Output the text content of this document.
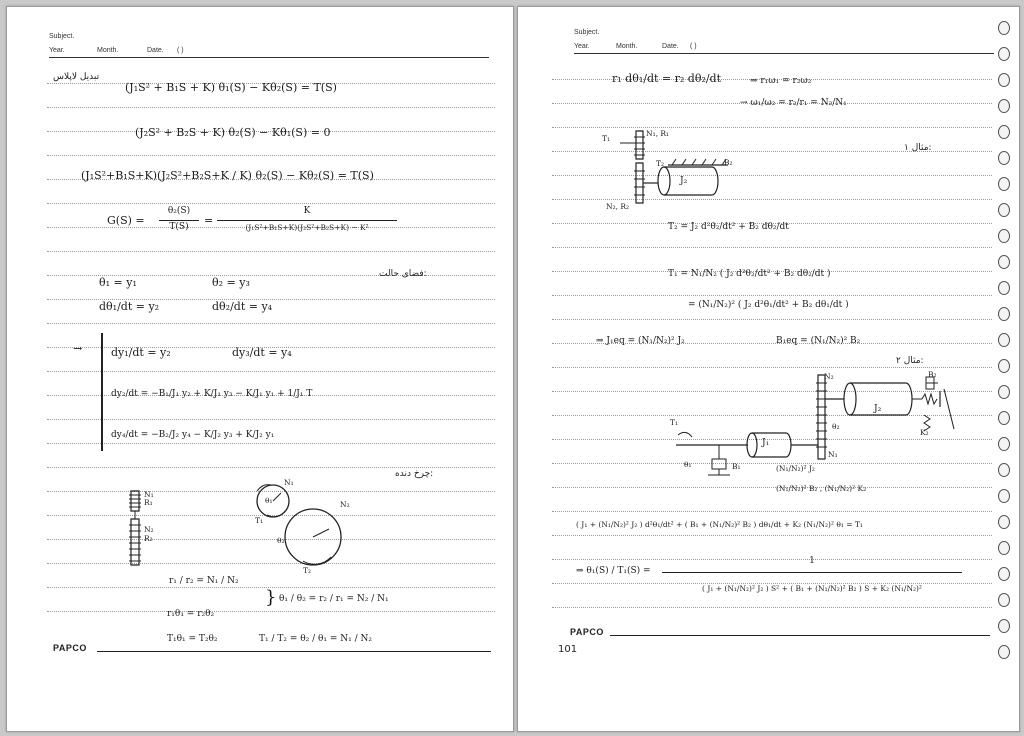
Subject.
Year.	Month.	Date. ( )
تبدیل لاپلاس
(J₁S² + B₁S + K) θ₁(S) − Kθ₂(S) = T(S)
(J₂S² + B₂S + K) θ₂(S) − Kθ₁(S) = 0
(J₁S²+B₁S+K)(J₂S²+B₂S+K / K) θ₂(S) − Kθ₂(S) = T(S)
G(S) =
θ₂(S)
T(S)	=
K
(J₁S²+B₁S+K)(J₂S²+B₂S+K) − K²
فضای حالت:
θ₁ = y₁	θ₂ = y₃
dθ₁/dt = y₂	dθ₂/dt = y₄
→	dy₁/dt = y₂	dy₃/dt = y₄
dy₂/dt = −B₁/J₁ y₂ + K/J₁ y₃ − K/J₁ y₁ + 1/J₁ T
dy₄/dt = −B₂/J₂ y₄ − K/J₂ y₃ + K/J₂ y₁
چرخ دنده:
N₁
R₁
N₂
R₂
N₁
N₂
T₁
T₂
θ₁
θ₂
r₁ / r₂ = N₁ / N₂
r₁θ₁ = r₂θ₂
} θ₁ / θ₂ = r₂ / r₁ = N₂ / N₁
T₁θ₁ = T₂θ₂	T₁ / T₂ = θ₂ / θ₁ = N₁ / N₂
PAPCO
Subject.
Year.	Month.	Date. ( )
r₁ dθ₁/dt = r₂ dθ₂/dt	⇒ r₁ω₁ = r₂ω₂
→ ω₁/ω₂ = r₂/r₁ = N₂/N₁
مثال ۱:
T₁
N₁, R₁
T₂	B₂
J₂
N₂, R₂
T₂ = J₂ d²θ₂/dt² + B₂ dθ₂/dt
T₁ = N₁/N₂ ( J₂ d²θ₂/dt² + B₂ dθ₂/dt )
= (N₁/N₂)² ( J₂ d²θ₁/dt² + B₂ dθ₁/dt )
⇒ J₁eq = (N₁/N₂)² J₂	B₁eq = (N₁/N₂)² B₂
مثال ۲:
N₂
J₂
B₂
K₂
θ₂
T₁
θ₁	B₁
J₁
N₁
(N₁/N₂)² J₂
(N₁/N₂)² B₂ , (N₁/N₂)² K₂
( J₁ + (N₁/N₂)² J₂ ) d²θ₁/dt² + ( B₁ + (N₁/N₂)² B₂ ) dθ₁/dt + K₂ (N₁/N₂)² θ₁ = T₁
⇒ θ₁(S) / T₁(S) =
1
( J₁ + (N₁/N₂)² J₂ ) S² + ( B₁ + (N₁/N₂)² B₂ ) S + K₂ (N₁/N₂)²
PAPCO
101
